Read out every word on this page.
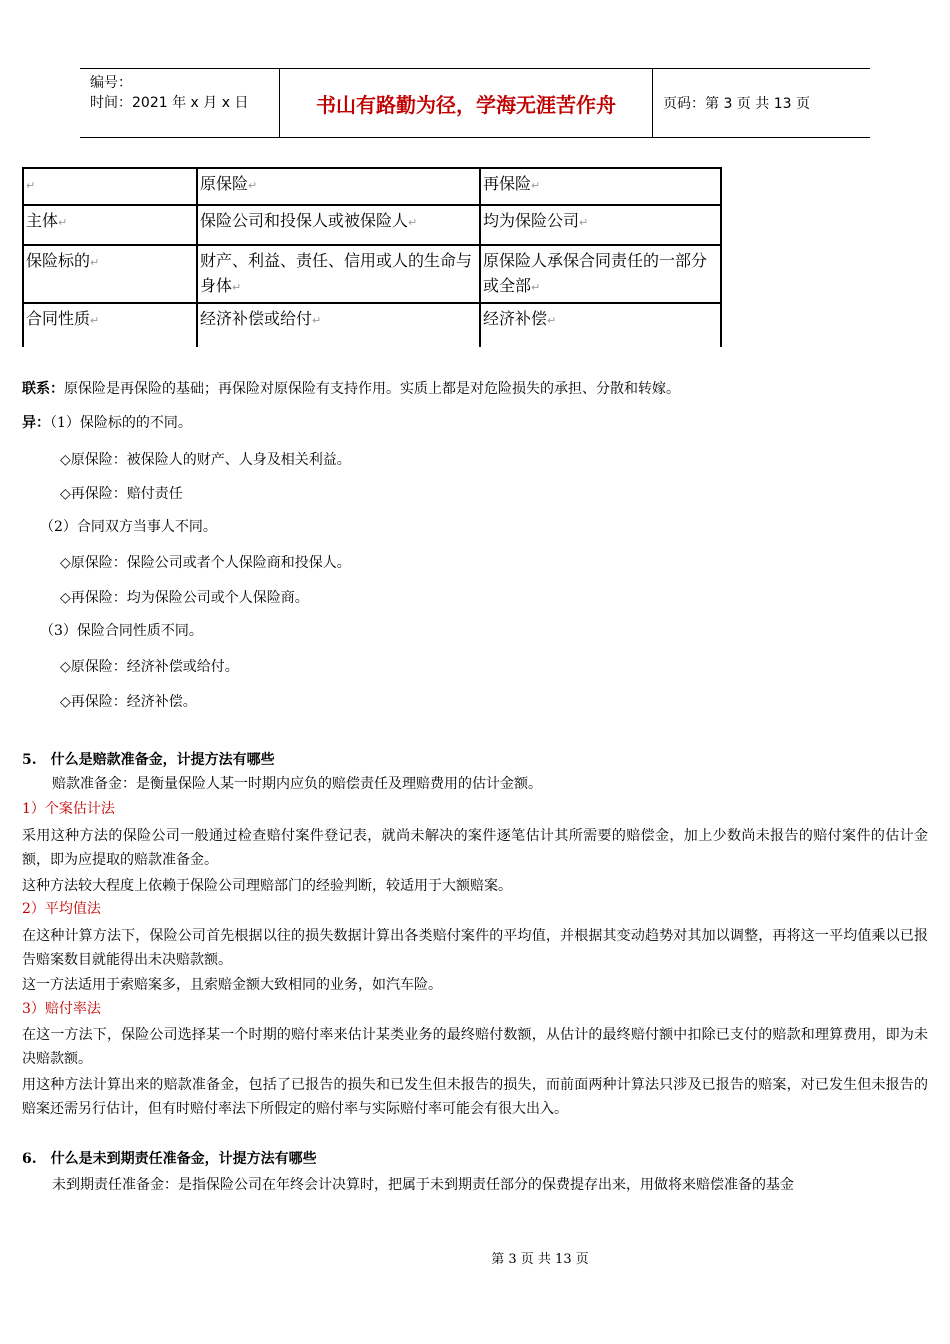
编号：
时间：2021 年 x 月 x 日	书山有路勤为径，学海无涯苦作舟	页码：第 3 页 共 13 页
↵	原保险↵	再保险↵
主体↵	保险公司和投保人或被保险人↵	均为保险公司↵
保险标的↵	财产、利益、责任、信用或人的生命与身体↵	原保险人承保合同责任的一部分或全部↵
合同性质↵	经济补偿或给付↵	经济补偿↵
联系：原保险是再保险的基础；再保险对原保险有支持作用。实质上都是对危险损失的承担、分散和转嫁。
异：（1）保险标的的不同。
◇原保险：被保险人的财产、人身及相关利益。
◇再保险：赔付责任
（2）合同双方当事人不同。
◇原保险：保险公司或者个人保险商和投保人。
◇再保险：均为保险公司或个人保险商。
（3）保险合同性质不同。
◇原保险：经济补偿或给付。
◇再保险：经济补偿。
5. 什么是赔款准备金，计提方法有哪些
赔款准备金：是衡量保险人某一时期内应负的赔偿责任及理赔费用的估计金额。
1）个案估计法
采用这种方法的保险公司一般通过检查赔付案件登记表，就尚未解决的案件逐笔估计其所需要的赔偿金，加上少数尚未报告的赔付案件的估计金额，即为应提取的赔款准备金。
这种方法较大程度上依赖于保险公司理赔部门的经验判断，较适用于大额赔案。
2）平均值法
在这种计算方法下，保险公司首先根据以往的损失数据计算出各类赔付案件的平均值，并根据其变动趋势对其加以调整，再将这一平均值乘以已报告赔案数目就能得出未决赔款额。
这一方法适用于索赔案多，且索赔金额大致相同的业务，如汽车险。
3）赔付率法
在这一方法下，保险公司选择某一个时期的赔付率来估计某类业务的最终赔付数额，从估计的最终赔付额中扣除已支付的赔款和理算费用，即为未决赔款额。
用这种方法计算出来的赔款准备金，包括了已报告的损失和已发生但未报告的损失，而前面两种计算法只涉及已报告的赔案，对已发生但未报告的赔案还需另行估计，但有时赔付率法下所假定的赔付率与实际赔付率可能会有很大出入。
6. 什么是未到期责任准备金，计提方法有哪些
未到期责任准备金：是指保险公司在年终会计决算时，把属于未到期责任部分的保费提存出来，用做将来赔偿准备的基金
第 3 页 共 13 页
